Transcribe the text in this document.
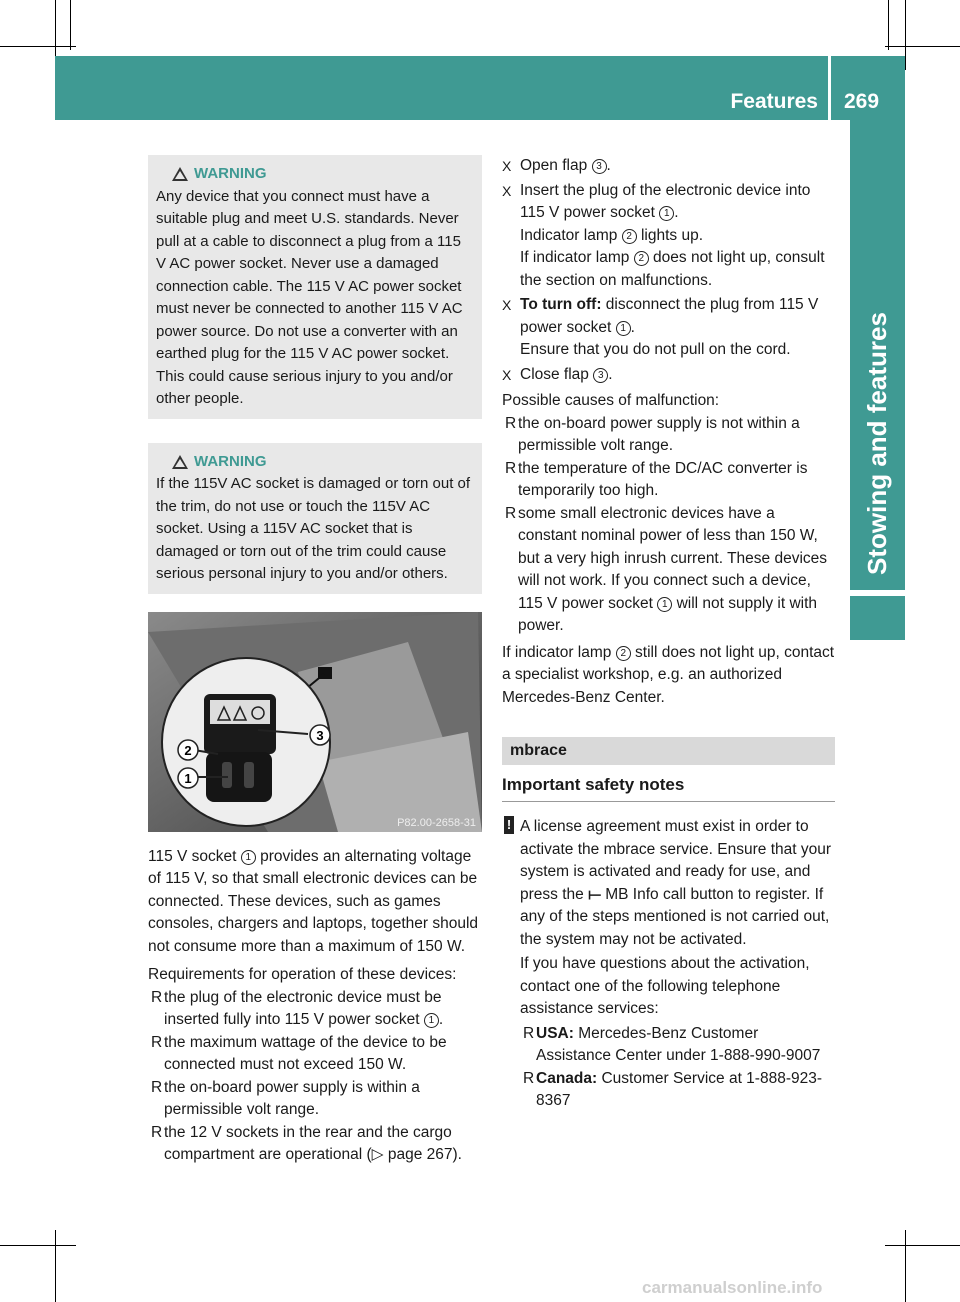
Features 269
Stowing and features
WARNING
Any device that you connect must have a suitable plug and meet U.S. standards. Never pull at a cable to disconnect a plug from a 115 V AC power socket. Never use a damaged connection cable. The 115 V AC power socket must never be connected to another 115 V AC power source. Do not use a converter with an earthed plug for the 115 V AC power socket. This could cause serious injury to you and/or other people.
WARNING
If the 115V AC socket is damaged or torn out of the trim, do not use or touch the 115V AC socket. Using a 115V AC socket that is damaged or torn out of the trim could cause serious personal injury to you and/or others.
1
2
3
P82.00-2658-31
115 V socket 1 provides an alternating voltage of 115 V, so that small electronic devices can be connected. These devices, such as games consoles, chargers and laptops, together should not consume more than a maximum of 150 W.
Requirements for operation of these devices:
R the plug of the electronic device must be inserted fully into 115 V power socket 1 .
R the maximum wattage of the device to be connected must not exceed 150 W.
R the on-board power supply is within a permissible volt range.
R the 12 V sockets in the rear and the cargo compartment are operational (▷ page 267).
X Open flap 3 .
X Insert the plug of the electronic device into 115 V power socket 1 .
Indicator lamp 2 lights up.
If indicator lamp 2 does not light up, consult the section on malfunctions.
X To turn off: disconnect the plug from 115 V power socket 1 .
Ensure that you do not pull on the cord.
X Close flap 3 .
Possible causes of malfunction:
R the on-board power supply is not within a permissible volt range.
R the temperature of the DC/AC converter is temporarily too high.
R some small electronic devices have a constant nominal power of less than 150 W, but a very high inrush current. These devices will not work. If you connect such a device, 115 V power socket 1 will not supply it with power.
If indicator lamp 2 still does not light up, contact a specialist workshop, e.g. an authorized Mercedes-Benz Center.
mbrace
Important safety notes
! A license agreement must exist in order to activate the mbrace service. Ensure that your system is activated and ready for use, and press the ⟝ MB Info call button to register. If any of the steps mentioned is not carried out, the system may not be activated.
If you have questions about the activation, contact one of the following telephone assistance services:
R USA: Mercedes-Benz Customer Assistance Center under 1-888-990-9007
R Canada: Customer Service at 1-888-923-8367
carmanualsonline.info
